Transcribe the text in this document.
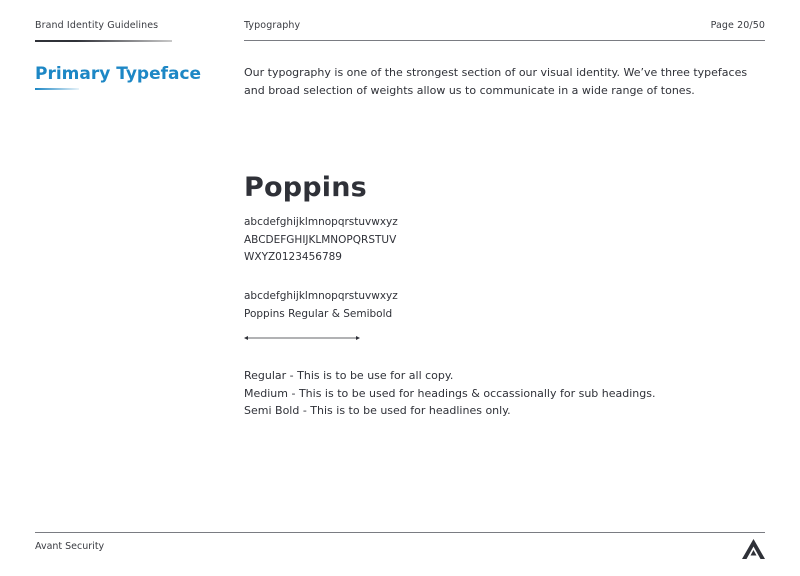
Brand Identity Guidelines	Typography	Page 20/50
Primary Typeface	Our typography is one of the strongest section of our visual identity. We’ve three typefaces and broad selection of weights allow us to communicate in a wide range of tones.

Poppins
abcdefghijklmnopqrstuvwxyz
ABCDEFGHIJKLMNOPQRSTUV
WXYZ0123456789
abcdefghijklmnopqrstuvwxyz
Poppins Regular & Semibold
Regular - This is to be use for all copy.
Medium - This is to be used for headings & occassionally for sub headings.
Semi Bold - This is to be used for headlines only.
Avant Security
